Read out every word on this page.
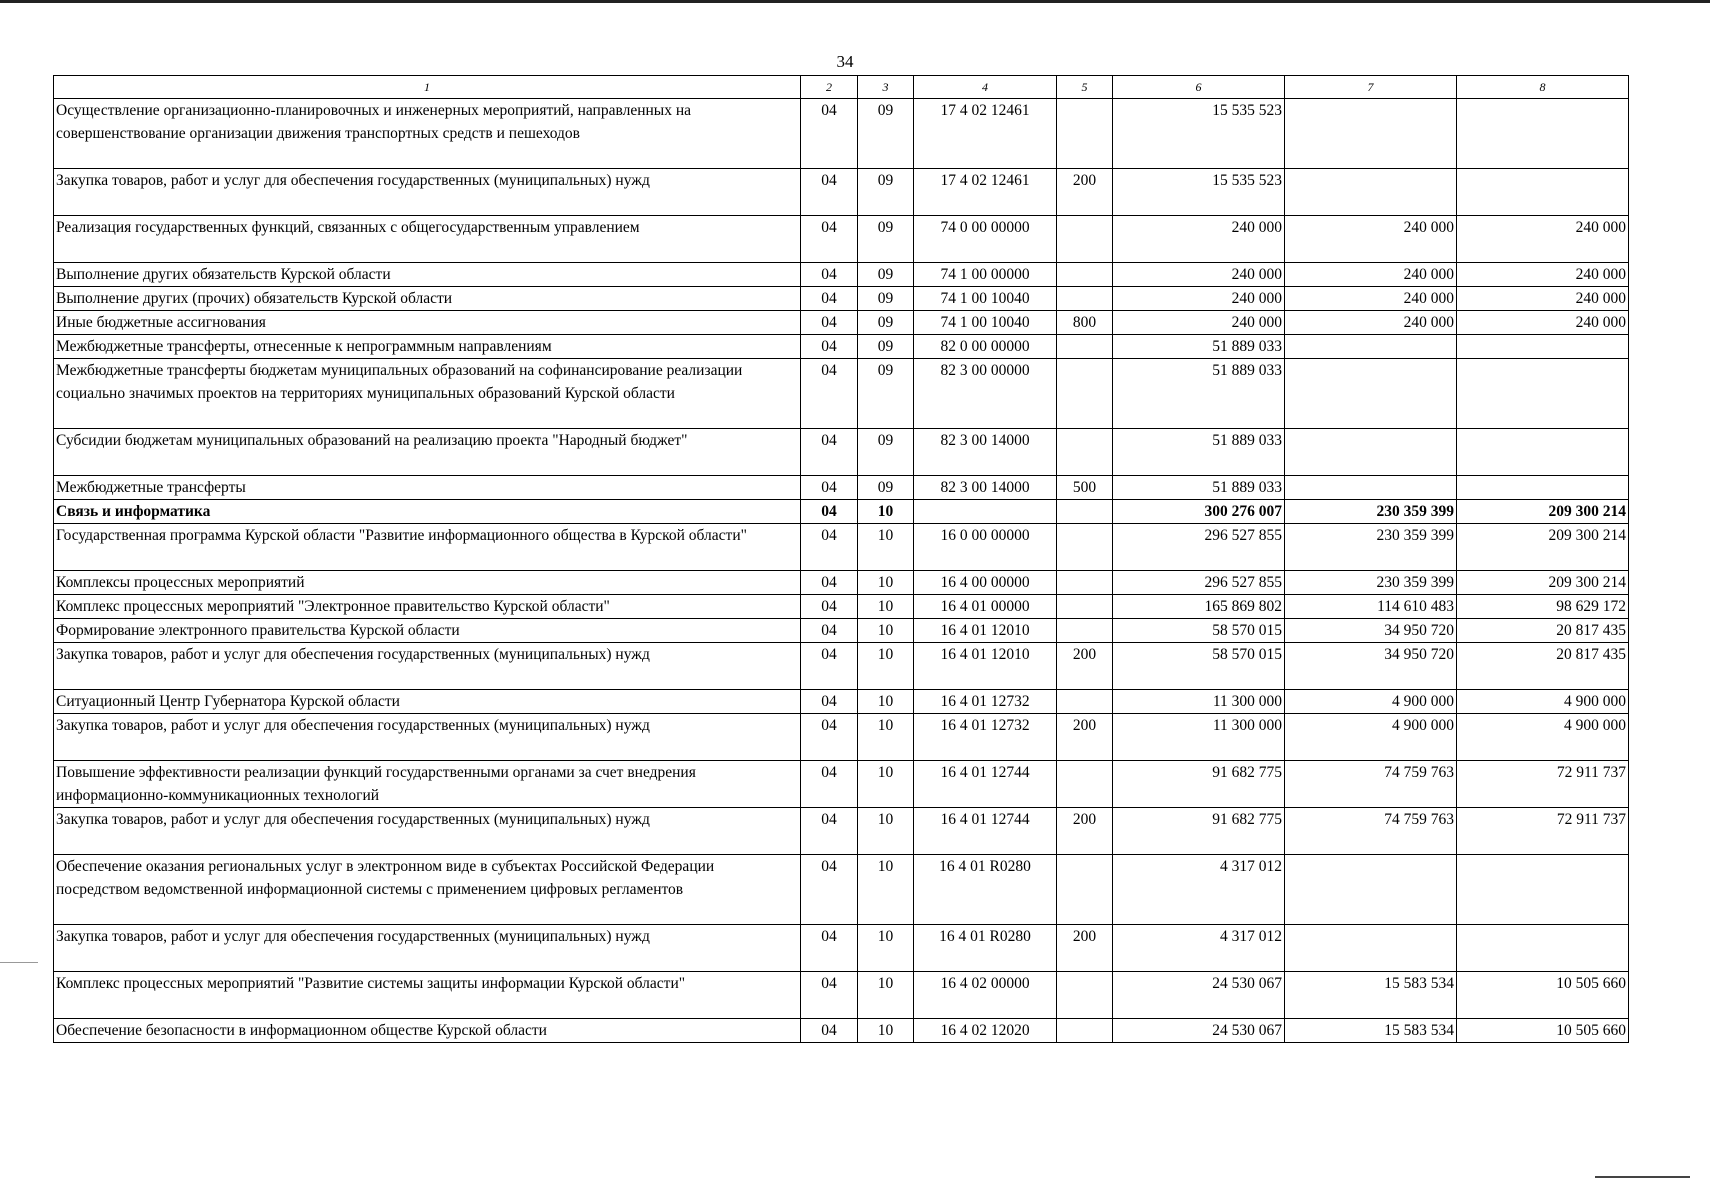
34
1	2	3	4	5	6	7	8
Осуществление организационно-планировочных и инженерных мероприятий, направленных на совершенствование организации движения транспортных средств и пешеходов	04	09	17 4 02 12461		15 535 523		
Закупка товаров, работ и услуг для обеспечения государственных (муниципальных) нужд	04	09	17 4 02 12461	200	15 535 523		
Реализация государственных функций, связанных с общегосударственным управлением	04	09	74 0 00 00000		240 000	240 000	240 000
Выполнение других обязательств Курской области	04	09	74 1 00 00000		240 000	240 000	240 000
Выполнение других (прочих) обязательств Курской области	04	09	74 1 00 10040		240 000	240 000	240 000
Иные бюджетные ассигнования	04	09	74 1 00 10040	800	240 000	240 000	240 000
Межбюджетные трансферты, отнесенные к непрограммным направлениям	04	09	82 0 00 00000		51 889 033		
Межбюджетные трансферты бюджетам муниципальных образований на софинансирование реализации социально значимых проектов на территориях муниципальных образований Курской области	04	09	82 3 00 00000		51 889 033		
Субсидии бюджетам муниципальных образований на реализацию проекта "Народный бюджет"	04	09	82 3 00 14000		51 889 033		
Межбюджетные трансферты	04	09	82 3 00 14000	500	51 889 033		
Связь и информатика	04	10			300 276 007	230 359 399	209 300 214
Государственная программа Курской области "Развитие информационного общества в Курской области"	04	10	16 0 00 00000		296 527 855	230 359 399	209 300 214
Комплексы процессных мероприятий	04	10	16 4 00 00000		296 527 855	230 359 399	209 300 214
Комплекс процессных мероприятий "Электронное правительство Курской области"	04	10	16 4 01 00000		165 869 802	114 610 483	98 629 172
Формирование электронного правительства Курской области	04	10	16 4 01 12010		58 570 015	34 950 720	20 817 435
Закупка товаров, работ и услуг для обеспечения государственных (муниципальных) нужд	04	10	16 4 01 12010	200	58 570 015	34 950 720	20 817 435
Ситуационный Центр Губернатора Курской области	04	10	16 4 01 12732		11 300 000	4 900 000	4 900 000
Закупка товаров, работ и услуг для обеспечения государственных (муниципальных) нужд	04	10	16 4 01 12732	200	11 300 000	4 900 000	4 900 000
Повышение эффективности реализации функций государственными органами за счет внедрения информационно-коммуникационных технологий	04	10	16 4 01 12744		91 682 775	74 759 763	72 911 737
Закупка товаров, работ и услуг для обеспечения государственных (муниципальных) нужд	04	10	16 4 01 12744	200	91 682 775	74 759 763	72 911 737
Обеспечение оказания региональных услуг в электронном виде в субъектах Российской Федерации посредством ведомственной информационной системы с применением цифровых регламентов	04	10	16 4 01 R0280		4 317 012		
Закупка товаров, работ и услуг для обеспечения государственных (муниципальных) нужд	04	10	16 4 01 R0280	200	4 317 012		
Комплекс процессных мероприятий "Развитие системы защиты информации Курской области"	04	10	16 4 02 00000		24 530 067	15 583 534	10 505 660
Обеспечение безопасности в информационном обществе Курской области	04	10	16 4 02 12020		24 530 067	15 583 534	10 505 660
